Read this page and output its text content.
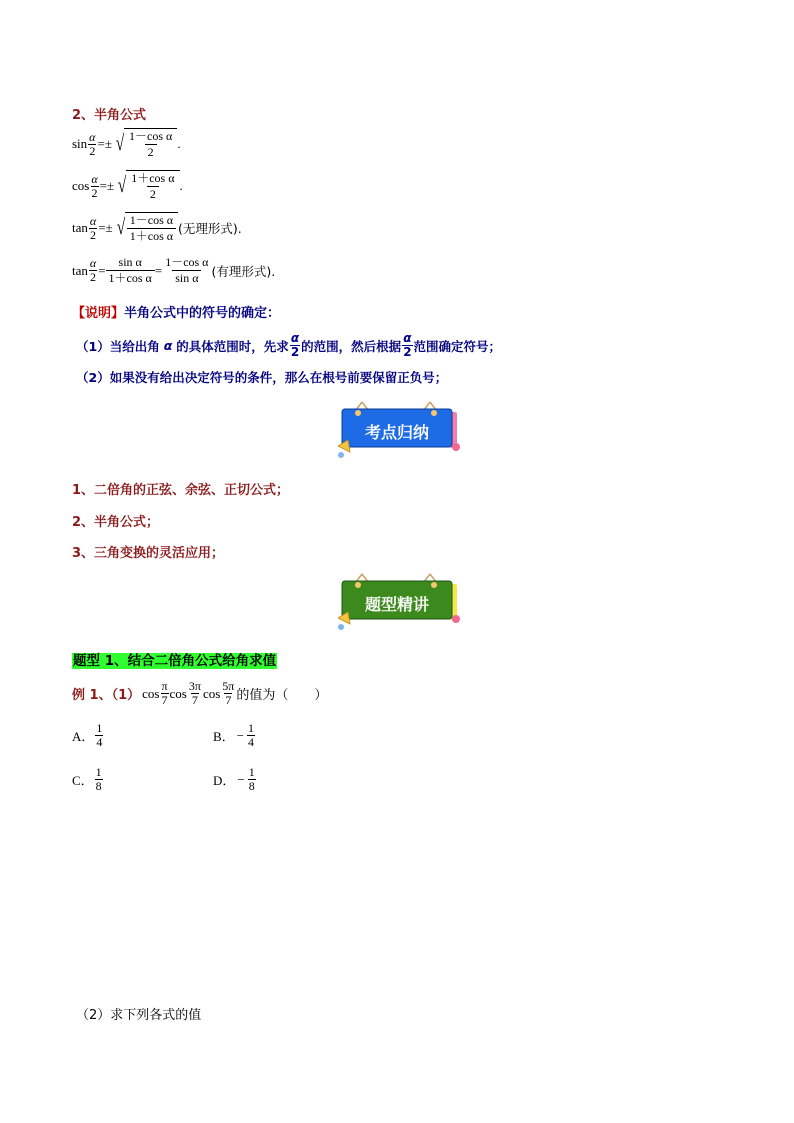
2、半角公式
$\sin \frac{\alpha}{2}$ =± √ $\frac{\text{1－cos α}}{2}$ .
$\cos \frac{\alpha}{2}$ =± √ $\frac{\text{1＋cos α}}{2}$ .
$\tan \frac{\alpha}{2}$ =± √ $\frac{\text{1－cos α}}{\text{1＋cos α}}$ (无理形式).
$\tan \frac{\alpha}{2} = \frac{\text{sin α}}{\text{1＋cos α}} = \frac{\text{1－cos α}}{\text{sin α}}$ (有理形式).
【说明】半角公式中的符号的确定：
（1）当给出角 α 的具体范围时，先求 $\frac{\alpha}{2}$ 的范围，然后根据 $\frac{\alpha}{2}$ 范围确定符号；
（2）如果没有给出决定符号的条件，那么在根号前要保留正负号；
考点归纳
1、二倍角的正弦、余弦、正切公式；
2、半角公式；
3、三角变换的灵活应用；
题型精讲
题型 1、结合二倍角公式给角求值
例 1、（1） $\cos \frac{\pi}{7}$ $\cos \frac{3\pi}{7}$ $\cos \frac{5\pi}{7}$ 的值为（　　）
A． $\frac{1}{4}$	B． − $\frac{1}{4}$
C． $\frac{1}{8}$	D． − $\frac{1}{8}$
（2）求下列各式的值
